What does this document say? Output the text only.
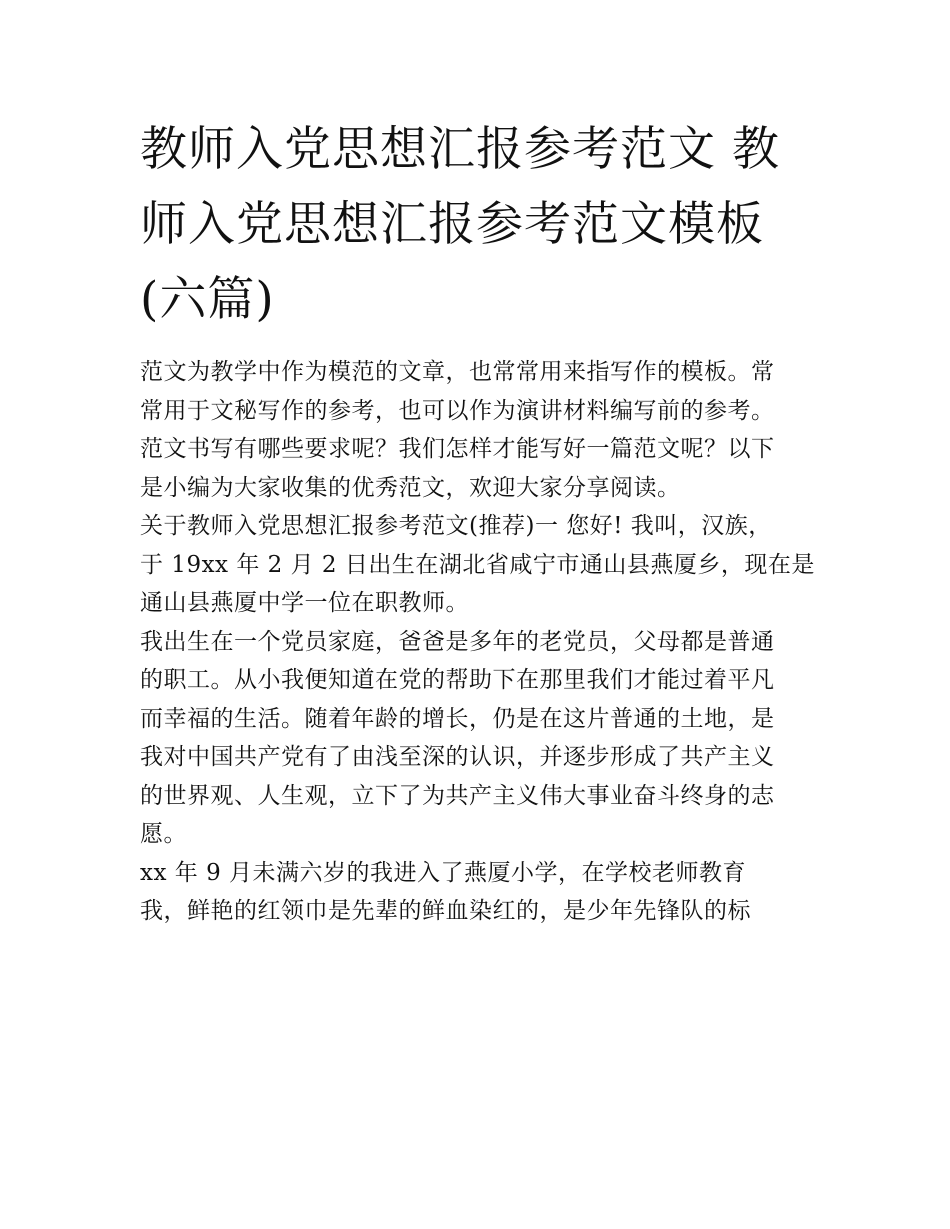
教师入党思想汇报参考范文 教
师入党思想汇报参考范文模板
(六篇)
范文为教学中作为模范的文章，也常常用来指写作的模板。常
常用于文秘写作的参考，也可以作为演讲材料编写前的参考。
范文书写有哪些要求呢？我们怎样才能写好一篇范文呢？以下
是小编为大家收集的优秀范文，欢迎大家分享阅读。
关于教师入党思想汇报参考范文(推荐)一 您好! 我叫，汉族，
于 19xx 年 2 月 2 日出生在湖北省咸宁市通山县燕厦乡，现在是
通山县燕厦中学一位在职教师。
我出生在一个党员家庭，爸爸是多年的老党员，父母都是普通
的职工。从小我便知道在党的帮助下在那里我们才能过着平凡
而幸福的生活。随着年龄的增长，仍是在这片普通的土地，是
我对中国共产党有了由浅至深的认识，并逐步形成了共产主义
的世界观、人生观，立下了为共产主义伟大事业奋斗终身的志
愿。
xx 年 9 月未满六岁的我进入了燕厦小学，在学校老师教育
我，鲜艳的红领巾是先辈的鲜血染红的，是少年先锋队的标
